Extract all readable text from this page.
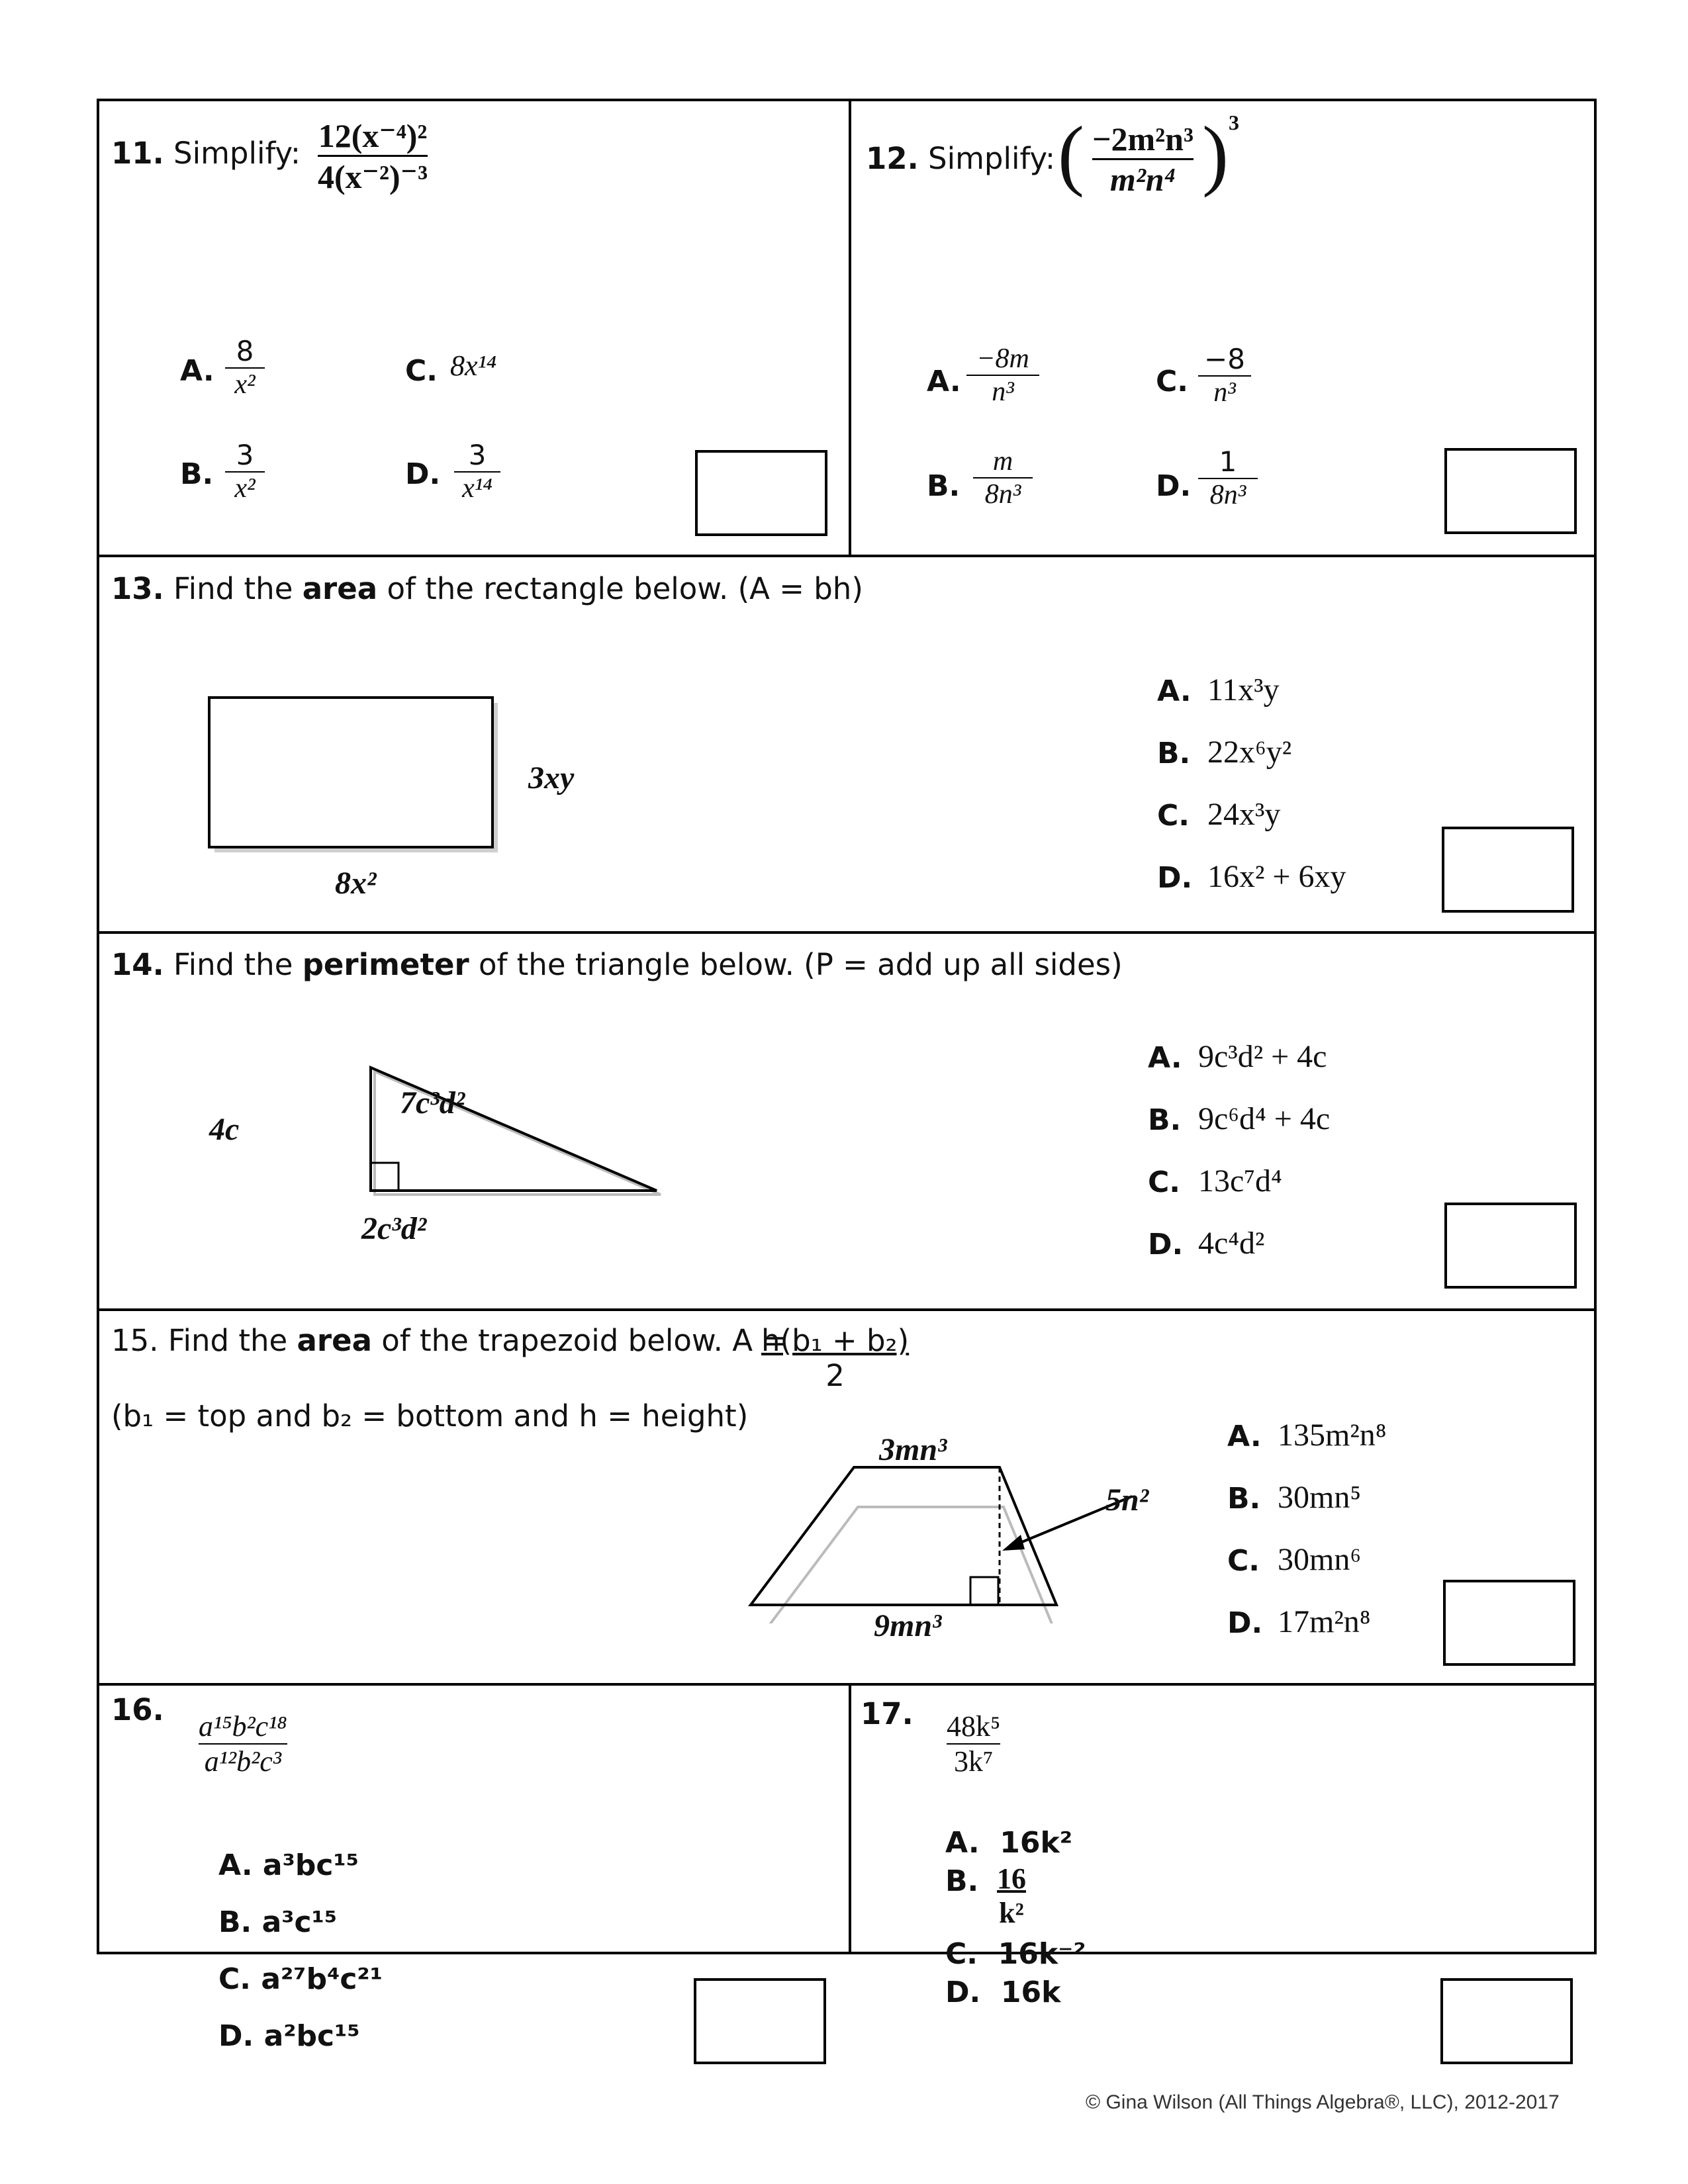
11. Simplify: 12(x⁻⁴)²
4(x⁻²)⁻³
A.
8
x²
B.
3
x²
C. 8x¹⁴
D.
3
x¹⁴
12. Simplify: ( −2m²n³
m²n⁴ ) 3
A.
−8m
n³
B.
m
8n³
C.
−8
n³
D.
1
8n³
13. Find the area of the rectangle below. (A = bh)
3xy
8x²
A. 11x³y
B. 22x⁶y²
C. 24x³y
D. 16x² + 6xy
14. Find the perimeter of the triangle below. (P = add up all sides)
4c
7c³d²
2c³d²
A. 9c³d² + 4c
B. 9c⁶d⁴ + 4c
C. 13c⁷d⁴
D. 4c⁴d²
15. Find the area of the trapezoid below. A =
$\frac{\text{h(b₁ + b₂)}}{2}$
(b₁ = top and b₂ = bottom and h = height)
3mn³
5n²
9mn³
A. 135m²n⁸
B. 30mn⁵
C. 30mn⁶
D. 17m²n⁸
16. a¹⁵b²c¹⁸
a¹²b²c³
A. a³bc¹⁵
B. a³c¹⁵
C. a²⁷b⁴c²¹
D. a²bc¹⁵
17. 48k⁵
3k⁷
A. 16k²
B. $\frac{16}{\text{k²}}$
C. 16k⁻²
D. 16k
© Gina Wilson (All Things Algebra®, LLC), 2012-2017
